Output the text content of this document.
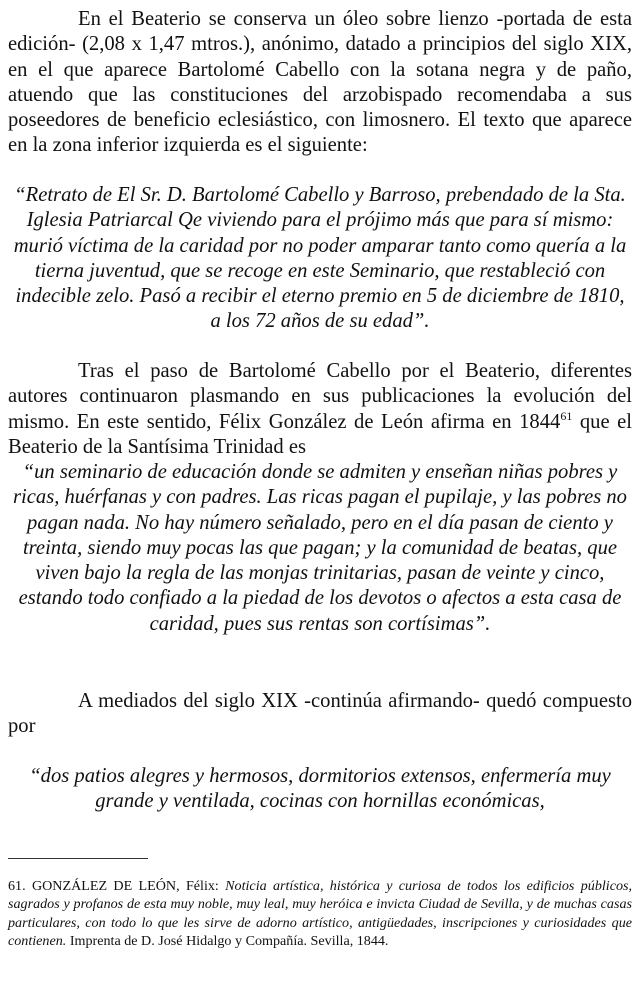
En el Beaterio se conserva un óleo sobre lienzo -portada de esta edición- (2,08 x 1,47 mtros.), anónimo, datado a principios del siglo XIX, en el que aparece Bartolomé Cabello con la sotana negra y de paño, atuendo que las constituciones del arzobispado recomendaba a sus poseedores de beneficio eclesiástico, con limosnero. El texto que aparece en la zona inferior izquierda es el siguiente:

“Retrato de El Sr. D. Bartolomé Cabello y Barroso, prebendado de la Sta. Iglesia Patriarcal Qe viviendo para el prójimo más que para sí mismo: murió víctima de la caridad por no poder amparar tanto como quería a la tierna juventud, que se recoge en este Seminario, que restableció con indecible zelo. Pasó a recibir el eterno premio en 5 de diciembre de 1810, a los 72 años de su edad”.

Tras el paso de Bartolomé Cabello por el Beaterio, diferentes autores continuaron plasmando en sus publicaciones la evolución del mismo. En este sentido, Félix González de León afirma en 1844$^{61}$ que el Beaterio de la Santísima Trinidad es

“un seminario de educación donde se admiten y enseñan niñas pobres y ricas, huérfanas y con padres. Las ricas pagan el pupilaje, y las pobres no pagan nada. No hay número señalado, pero en el día pasan de ciento y treinta, siendo muy pocas las que pagan; y la comunidad de beatas, que viven bajo la regla de las monjas trinitarias, pasan de veinte y cinco, estando todo confiado a la piedad de los devotos o afectos a esta casa de caridad, pues sus rentas son cortísimas”.

A mediados del siglo XIX -continúa afirmando- quedó compuesto por

“dos patios alegres y hermosos, dormitorios extensos, enfermería muy grande y ventilada, cocinas con hornillas económicas,

61. GONZÁLEZ DE LEÓN, Félix: Noticia artística, histórica y curiosa de todos los edificios públicos, sagrados y profanos de esta muy noble, muy leal, muy heróica e invicta Ciudad de Sevilla, y de muchas casas particulares, con todo lo que les sirve de adorno artístico, antigüedades, inscripciones y curiosidades que contienen. Imprenta de D. José Hidalgo y Compañía. Sevilla, 1844.
